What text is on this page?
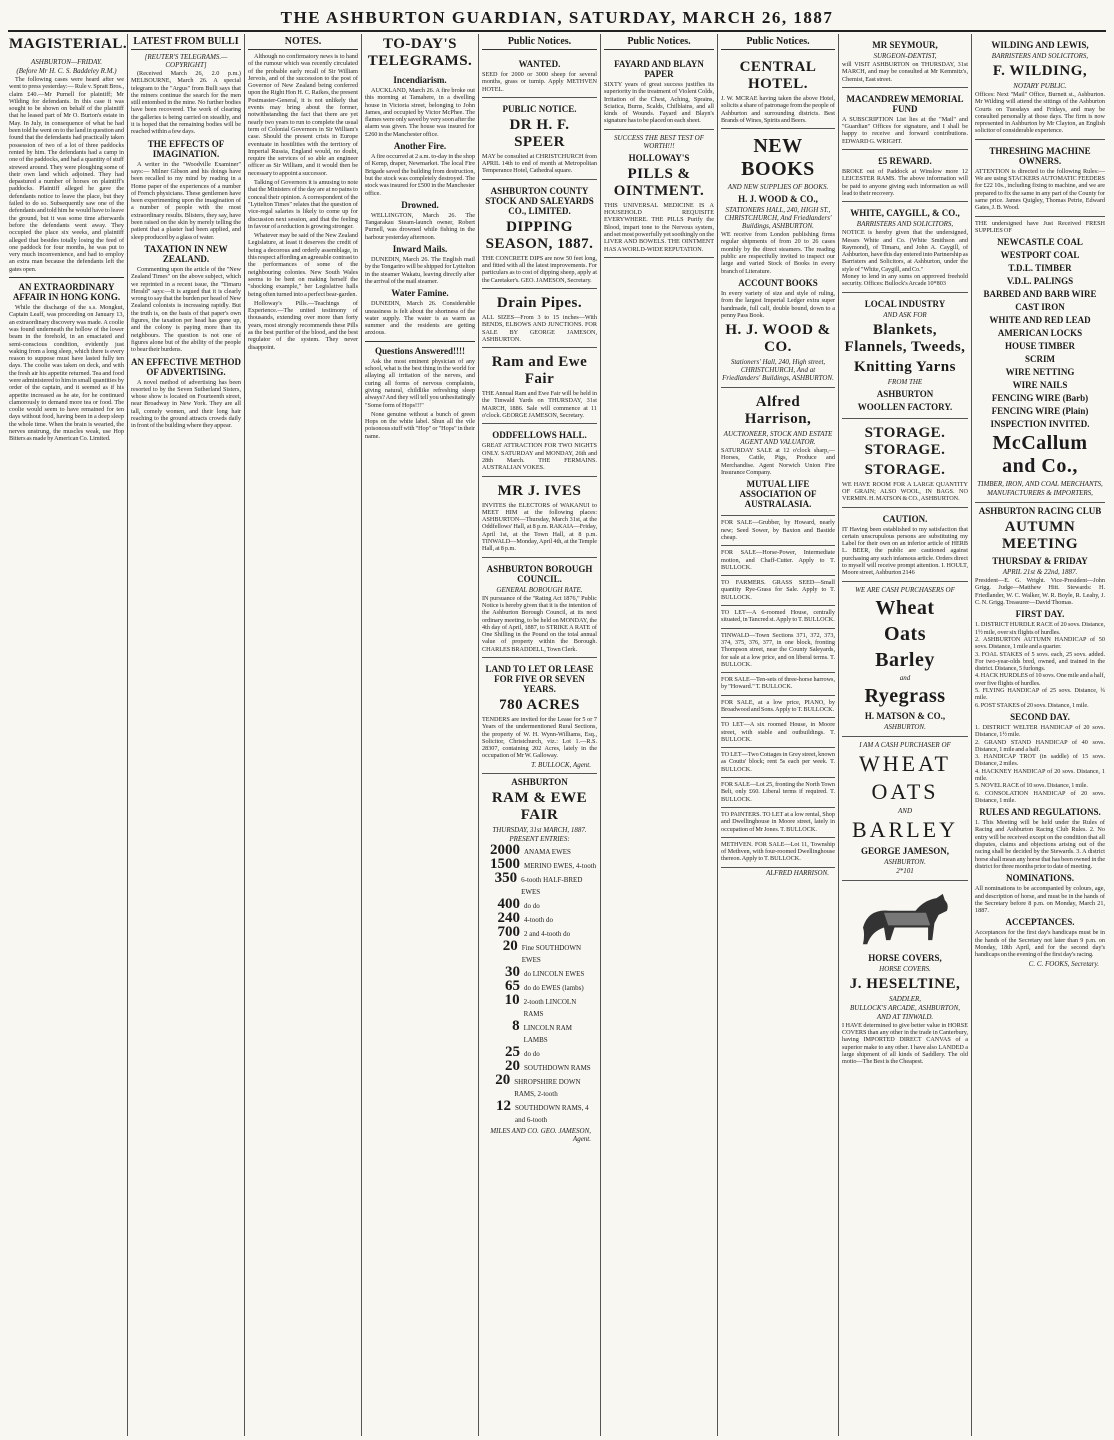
THE ASHBURTON GUARDIAN, SATURDAY, MARCH 26, 1887
MAGISTERIAL.
ASHBURTON—FRIDAY.
(Before Mr H. C. S. Baddeley R.M.)

The following cases were heard after we went to press yesterday:— Rule v. Spratt Bros., claim £40.—Mr Purnell for plaintiff; Mr Wilding for defendants. In this case it was sought to be shown on behalf of the plaintiff that he leased part of Mr O. Burton's estate in May. In July, in consequence of what he had been told he went on to the land in question and found that the defendants had practically taken possession of two of a lot of three paddocks rented by him. The defendants had a camp in one of the paddocks, and had a quantity of stuff strewed around. They were ploughing some of their own land which adjoined. They had depastured a number of horses on plaintiff's paddocks. Plaintiff alleged he gave the defendants notice to leave the place, but they failed to do so. Subsequently saw one of the defendants and told him he would have to leave the ground, but it was some time afterwards before the defendants went away. They occupied the place six weeks, and plaintiff alleged that besides totally losing the feed of one paddock for four months, he was put to very much inconvenience, and had to employ an extra man because the defendants left the gates open.

AN EXTRAORDINARY AFFAIR IN HONG KONG.

While the discharge of the s.s. Mongkut, Captain Leaff, was proceeding on January 13, an extraordinary discovery was made. A coolie was found underneath the hollow of the lower beam in the forehold, in an emaciated and semi-conscious condition, evidently just waking from a long sleep, which there is every reason to suppose must have lasted fully ten days. The coolie was taken on deck, and with the fresh air his appetite returned. Tea and food were administered to him in small quantities by order of the captain, and it seemed as if his appetite increased as he ate, for he continued clamorously to demand more tea or food. The coolie would seem to have remained for ten days without food, having been in a deep sleep the whole time. When the brain is wearied, the nerves unstrung, the muscles weak, use Hop Bitters as made by American Co. Limited.

LATEST FROM BULLI
[REUTER'S TELEGRAMS.—COPYRIGHT]

(Received March 26, 2.0 p.m.) MELBOURNE, March 26. A special telegram to the "Argus" from Bulli says that the miners continue the search for the men still entombed in the mine. No further bodies have been recovered. The work of clearing the galleries is being carried on steadily, and it is hoped that the remaining bodies will be reached within a few days.

THE EFFECTS OF IMAGINATION.

A writer in the "Woodville Examiner" says:— Milner Gibson and his doings have been recalled to my mind by reading in a Home paper of the experiences of a number of French physicians. These gentlemen have been experimenting upon the imagination of a number of people with the most extraordinary results. Blisters, they say, have been raised on the skin by merely telling the patient that a plaster had been applied, and sleep produced by a glass of water.

TAXATION IN NEW ZEALAND.

Commenting upon the article of the "New Zealand Times" on the above subject, which we reprinted in a recent issue, the "Timaru Herald" says:—It is argued that it is clearly wrong to say that the burden per head of New Zealand colonists is increasing rapidly. But the truth is, on the basis of that paper's own figures, the taxation per head has gone up, and the colony is paying more than its neighbours. The question is not one of figures alone but of the ability of the people to bear their burdens.

AN EFFECTIVE METHOD OF ADVERTISING.

A novel method of advertising has been resorted to by the Seven Sutherland Sisters, whose show is located on Fourteenth street, near Broadway in New York. They are all tall, comely women, and their long hair reaching to the ground attracts crowds daily in front of the building where they appear.

NOTES.

Although no confirmatory news is to hand of the rumour which was recently circulated of the probable early recall of Sir William Jervois, and of the succession to the post of Governor of New Zealand being conferred upon the Right Hon H. C. Raikes, the present Postmaster-General, it is not unlikely that events may bring about the former, notwithstanding the fact that there are yet nearly two years to run to complete the usual term of Colonial Governors in Sir William's case. Should the present crisis in Europe eventuate in hostilities with the territory of Imperial Russia, England would, no doubt, require the services of so able an engineer officer as Sir William, and it would then be necessary to appoint a successor.

Talking of Governors it is amusing to note that the Ministers of the day are at no pains to conceal their opinion. A correspondent of the "Lyttelton Times" relates that the question of vice-regal salaries is likely to come up for discussion next session, and that the feeling in favour of a reduction is growing stronger.

Whatever may be said of the New Zealand Legislature, at least it deserves the credit of being a decorous and orderly assemblage, in this respect affording an agreeable contrast to the performances of some of the neighbouring colonies. New South Wales seems to be bent on making herself the "shocking example," her Legislative halls being often turned into a perfect bear-garden.

Holloway's Pills.—Teachings of Experience.—The united testimony of thousands, extending over more than forty years, most strongly recommends these Pills as the best purifier of the blood, and the best regulator of the system. They never disappoint.

TO-DAY'S TELEGRAMS.
Incendiarism.

AUCKLAND, March 26. A fire broke out this morning at Tamahere, in a dwelling house in Victoria street, belonging to John James, and occupied by Victor McPhee. The flames were only saved by very soon after the alarm was given. The house was insured for £260 in the Manchester office.

Another Fire.

A fire occurred at 2 a.m. to-day in the shop of Kemp, draper, Newmarket. The local Fire Brigade saved the building from destruction, but the stock was completely destroyed. The stock was insured for £500 in the Manchester office.

Drowned.

WELLINGTON, March 26. The Tangarakau Steam-launch owner, Robert Purnell, was drowned while fishing in the harbour yesterday afternoon.

Inward Mails.

DUNEDIN, March 26. The English mail by the Tongariro will be shipped for Lyttelton in the steamer Wakatu, leaving directly after the arrival of the mail steamer.

Water Famine.

DUNEDIN, March 26. Considerable uneasiness is felt about the shortness of the water supply. The water is as warm as summer and the residents are getting anxious.

Questions Answered!!!!

Ask the most eminent physician of any school, what is the best thing in the world for allaying all irritation of the nerves, and curing all forms of nervous complaints, giving natural, childlike refreshing sleep always? And they will tell you unhesitatingly "Some form of Hops!!!"

None genuine without a bunch of green Hops on the white label. Shun all the vile poisonous stuff with "Hop" or "Hops" in their name.

Public Notices.
WANTED.
SEED for 2000 or 3000 sheep for several months, grass or turnip. Apply METHVEN HOTEL.
PUBLIC NOTICE.
DR H. F. SPEER
MAY be consulted at CHRISTCHURCH from APRIL 14th to end of month at Metropolitan Temperance Hotel, Cathedral square.
ASHBURTON COUNTY STOCK AND SALEYARDS CO., LIMITED.
DIPPING SEASON, 1887.
THE CONCRETE DIPS are now 50 feet long, and fitted with all the latest improvements. For particulars as to cost of dipping sheep, apply at the Caretaker's. GEO. JAMESON, Secretary.
Drain Pipes.
ALL SIZES—From 3 to 15 inches—With BENDS, ELBOWS AND JUNCTIONS. FOR SALE BY GEORGE JAMESON, ASHBURTON.
Ram and Ewe Fair
THE Annual Ram and Ewe Fair will be held in the Tinwald Yards on THURSDAY, 31st MARCH, 1886. Sale will commence at 11 o'clock. GEORGE JAMESON, Secretary.
ODDFELLOWS HALL.
GREAT ATTRACTION FOR TWO NIGHTS ONLY. SATURDAY and MONDAY, 26th and 28th March. THE FERMAINS. AUSTRALIAN VOKES.
MR J. IVES
INVITES the ELECTORS of WAKANUI to MEET HIM at the following places: ASHBURTON—Thursday, March 31st, at the Oddfellows' Hall, at 8 p.m. RAKAIA—Friday, April 1st, at the Town Hall, at 8 p.m. TINWALD—Monday, April 4th, at the Temple Hall, at 8 p.m.
ASHBURTON BOROUGH COUNCIL.
GENERAL BOROUGH RATE.
IN pursuance of the "Rating Act 1876," Public Notice is hereby given that it is the intention of the Ashburton Borough Council, at its next ordinary meeting, to be held on MONDAY, the 4th day of April, 1887, to STRIKE A RATE of One Shilling in the Pound on the total annual value of property within the Borough. CHARLES BRADDELL, Town Clerk.
LAND TO LET OR LEASE FOR FIVE OR SEVEN YEARS.
780 ACRES
TENDERS are invited for the Lease for 5 or 7 Years of the undermentioned Rural Sections, the property of W. H. Wynn-Williams, Esq., Solicitor, Christchurch, viz.: Lot 1.—R.S. 28307, containing 202 Acres, lately in the occupation of Mr W. Galloway.
T. BULLOCK, Agent.
ASHBURTON
RAM & EWE FAIR
THURSDAY, 31st MARCH, 1887.
PRESENT ENTRIES:
2000 ANAMA EWES
1500 MERINO EWES, 4-tooth
350 6-tooth HALF-BRED EWES
400 do do
240 4-tooth do
700 2 and 4-tooth do
20 Fine SOUTHDOWN EWES
30 do LINCOLN EWES
65 do do EWES (lambs)
10 2-tooth LINCOLN RAMS
8 LINCOLN RAM LAMBS
25 do do
20 SOUTHDOWN RAMS
20 SHROPSHIRE DOWN RAMS, 2-tooth
12 SOUTHDOWN RAMS, 4 and 6-tooth
MILES AND CO. GEO. JAMESON, Agent.
Public Notices.
FAYARD AND BLAYN PAPER
SIXTY years of great success justifies its superiority in the treatment of Violent Colds, Irritation of the Chest, Aching, Sprains, Sciatica, Burns, Scalds, Chilblains, and all kinds of Wounds. Fayard and Blayn's signature has to be placed on each sheet.
SUCCESS THE BEST TEST OF WORTH!!!
HOLLOWAY'S
PILLS & OINTMENT.
THIS UNIVERSAL MEDICINE IS A HOUSEHOLD REQUISITE EVERYWHERE. THE PILLS Purify the Blood, impart tone to the Nervous system, and set most powerfully yet soothingly on the LIVER AND BOWELS. THE OINTMENT HAS A WORLD-WIDE REPUTATION.
Public Notices.
CENTRAL HOTEL.
J. W. MCRAE having taken the above Hotel, solicits a share of patronage from the people of Ashburton and surrounding districts. Best Brands of Wines, Spirits and Beers.
NEW BOOKS
AND NEW SUPPLIES OF BOOKS.
H. J. WOOD & CO.,
STATIONERS HALL, 240, HIGH ST., CHRISTCHURCH, And Friedlanders' Buildings, ASHBURTON.
WE receive from London publishing firms regular shipments of from 20 to 26 cases monthly by the direct steamers. The reading public are respectfully invited to inspect our large and varied Stock of Books in every branch of Literature.
ACCOUNT BOOKS
In every variety of size and style of ruling, from the largest Imperial Ledger extra super handmade, full calf, double bound, down to a penny Pass Book.
H. J. WOOD & CO.
Stationers' Hall, 240, High street, CHRISTCHURCH, And at Friedlanders' Buildings, ASHBURTON.
Alfred Harrison,
AUCTIONEER, STOCK AND ESTATE AGENT AND VALUATOR.
SATURDAY SALE at 12 o'clock sharp,—Horses, Cattle, Pigs, Produce and Merchandise. Agent Norwich Union Fire Insurance Company.
MUTUAL LIFE ASSOCIATION OF AUSTRALASIA.
FOR SALE—Grubber, by Howard, nearly new; Seed Sower, by Baxton and Bastide cheap.
FOR SALE—Horse-Power, Intermediate motion, and Chaff-Cutter. Apply to T. BULLOCK.
TO FARMERS. GRASS SEED—Small quantity Rye-Grass for Sale. Apply to T. BULLOCK.
TO LET—A 6-roomed House, centrally situated, in Tancred st. Apply to T. BULLOCK.
TINWALD—Town Sections 371, 372, 373, 374, 375, 376, 377, in one block, fronting Thompson street, near the County Saleyards, for sale at a low price, and on liberal terms. T. BULLOCK.
FOR SALE—Ten-sets of three-horse harrows, by "Howard." T. BULLOCK.
FOR SALE, at a low price, PIANO, by Broadwood and Sons. Apply to T. BULLOCK.
TO LET—A six roomed House, in Moore street, with stable and outbuildings. T. BULLOCK.
TO LET—Two Cottages in Grey street, known as Coutts' block; rent 5s each per week. T. BULLOCK.
FOR SALE—Lot 25, fronting the North Town Belt, only £60. Liberal terms if required. T. BULLOCK.
TO PAINTERS. TO LET at a low rental, Shop and Dwellinghouse in Moore street, lately in occupation of Mr Jones. T. BULLOCK.
METHVEN. FOR SALE—Lot 11, Township of Methven, with four-roomed Dwellinghouse thereon. Apply to T. BULLOCK.
ALFRED HARRISON.
MR SEYMOUR,
SURGEON-DENTIST,
will VISIT ASHBURTON on THURSDAY, 31st MARCH, and may be consulted at Mr Kemmitz's, Chemist, East street.
MACANDREW MEMORIAL FUND
A SUBSCRIPTION List lies at the "Mail" and "Guardian" Offices for signature, and I shall be happy to receive and forward contributions. EDWARD G. WRIGHT.
£5 REWARD.
BROKE out of Paddock at Winslow more 12 LEICESTER RAMS. The above information will be paid to anyone giving such information as will lead to their recovery.
WHITE, CAYGILL, & CO.,
BARRISTERS AND SOLICITORS,
NOTICE is hereby given that the undersigned, Messrs White and Co. (White Smithson and Raymond), of Timaru, and John A. Caygill, of Ashburton, have this day entered into Partnership as Barristers and Solicitors, at Ashburton, under the style of "White, Caygill, and Co."
Money to lend in any sums on approved freehold security. Offices: Bullock's Arcade 10*803
LOCAL INDUSTRY
AND ASK FOR
Blankets, Flannels, Tweeds,
Knitting Yarns
FROM THE
ASHBURTON
WOOLLEN FACTORY.
STORAGE. STORAGE.
STORAGE.
WE HAVE ROOM FOR A LARGE QUANTITY OF GRAIN; ALSO WOOL, IN BAGS. NO VERMIN. H. MATSON & CO., ASHBURTON.
CAUTION.
IT Having been established to my satisfaction that certain unscrupulous persons are substituting my Label for their own on an inferior article of HERB L. BEER, the public are cautioned against purchasing any such infamous article. Orders direct to myself will receive prompt attention. I. HOULT, Moore street, Ashburton 2146
WE ARE CASH PURCHASERS OF
Wheat
Oats
Barley
and
Ryegrass
H. MATSON & CO.,
ASHBURTON.
I AM A CASH PURCHASER OF
WHEAT
OATS
AND
BARLEY
GEORGE JAMESON,
ASHBURTON.
2*101
HORSE COVERS,
HORSE COVERS.
J. HESELTINE,
SADDLER,
BULLOCK'S ARCADE, ASHBURTON,
AND AT TINWALD.
I HAVE determined to give better value in HORSE COVERS than any other in the trade in Canterbury, having IMPORTED DIRECT CANVAS of a superior make to any other. I have also LANDED a large shipment of all kinds of Saddlery. The old motto—The Best is the Cheapest.
WILDING AND LEWIS,
BARRISTERS AND SOLICITORS,
F. WILDING,
NOTARY PUBLIC.
Offices: Next "Mail" Office, Burnett st., Ashburton. Mr Wilding will attend the sittings of the Ashburton Courts on Tuesdays and Fridays, and may be consulted personally at those days. The firm is now represented in Ashburton by Mr Clayton, an English solicitor of considerable experience.
THRESHING MACHINE OWNERS.
ATTENTION is directed to the following Rules:—We are using STACKERS AUTOMATIC FEEDERS for £22 10s., including fixing to machine, and we are prepared to fix the same in any part of the County for same price. James Quigley, Thomas Petrie, Edward Gates, J. B. Wood.
THE undersigned have Just Received FRESH SUPPLIES OF
NEWCASTLE COAL
WESTPORT COAL
T.D.L. TIMBER
V.D.L. PALINGS
BARBED AND BARB WIRE
CAST IRON
WHITE AND RED LEAD
AMERICAN LOCKS
HOUSE TIMBER
SCRIM
WIRE NETTING
WIRE NAILS
FENCING WIRE (Barb)
FENCING WIRE (Plain)
INSPECTION INVITED.
McCallum and Co.,
TIMBER, IRON, AND COAL MERCHANTS,
MANUFACTURERS & IMPORTERS,
ASHBURTON RACING CLUB
AUTUMN MEETING
THURSDAY & FRIDAY
APRIL 21st & 22nd, 1887.
President—E. G. Wright. Vice-President—John Grigg. Judge—Matthew Hitt. Stewards: H. Friedlander, W. C. Walker, W. R. Boyle, R. Leahy, J. C. N. Grigg. Treasurer—David Thomas.
FIRST DAY.
1. DISTRICT HURDLE RACE of 20 sovs. Distance, 1½ mile, over six flights of hurdles.
2. ASHBURTON AUTUMN HANDICAP of 50 sovs. Distance, 1 mile and a quarter.
3. FOAL STAKES of 5 sovs. each, 25 sovs. added. For two-year-olds bred, owned, and trained in the district. Distance, 5 furlongs.
4. HACK HURDLES of 10 sovs. One mile and a half, over five flights of hurdles.
5. FLYING HANDICAP of 25 sovs. Distance, ¾ mile.
6. POST STAKES of 20 sovs. Distance, 1 mile.
SECOND DAY.
1. DISTRICT WELTER HANDICAP of 20 sovs. Distance, 1½ mile.
2. GRAND STAND HANDICAP of 40 sovs. Distance, 1 mile and a half.
3. HANDICAP TROT (in saddle) of 15 sovs. Distance, 2 miles.
4. HACKNEY HANDICAP of 20 sovs. Distance, 1 mile.
5. NOVEL RACE of 10 sovs. Distance, 1 mile.
6. CONSOLATION HANDICAP of 20 sovs. Distance, 1 mile.
RULES AND REGULATIONS.
1. This Meeting will be held under the Rules of Racing and Ashburton Racing Club Rules. 2. No entry will be received except on the condition that all disputes, claims and objections arising out of the racing shall be decided by the Stewards. 3. A district horse shall mean any horse that has been owned in the district for three months prior to date of meeting.
NOMINATIONS.
All nominations to be accompanied by colours, age, and description of horse, and must be in the hands of the Secretary before 8 p.m. on Monday, March 21, 1887.
ACCEPTANCES.
Acceptances for the first day's handicaps must be in the hands of the Secretary not later than 9 p.m. on Monday, 18th April, and for the second day's handicaps on the evening of the first day's racing.
C. C. FOOKS, Secretary.
